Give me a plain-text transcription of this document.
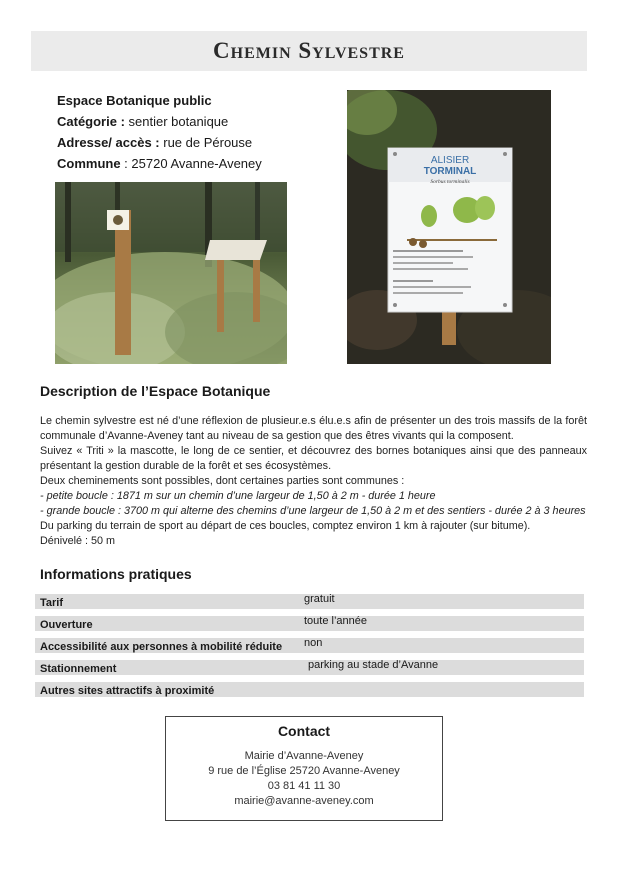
Chemin Sylvestre
Espace Botanique public
Catégorie : sentier botanique
Adresse/ accès : rue de Pérouse
Commune : 25720 Avanne-Aveney	ALISIER
TORMINAL
Sorbus torminalis
Description de l’Espace Botanique

Le chemin sylvestre est né d’une réflexion de plusieur.e.s élu.e.s afin de présenter un des trois massifs de la forêt communale d’Avanne-Aveney tant au niveau de sa gestion que des êtres vivants qui la composent.

Suivez « Triti » la mascotte, le long de ce sentier, et découvrez des bornes botaniques ainsi que des panneaux présentant la gestion durable de la forêt et ses écosystèmes.

Deux cheminements sont possibles, dont certaines parties sont communes :

- petite boucle : 1871 m sur un chemin d’une largeur de 1,50 à 2 m - durée 1 heure

- grande boucle : 3700 m qui alterne des chemins d’une largeur de 1,50 à 2 m et des sentiers - durée 2 à 3 heures

Du parking du terrain de sport au départ de ces boucles, comptez environ 1 km à rajouter (sur bitume).

Dénivelé : 50 m

Informations pratiques
Tarif	gratuit
Ouverture	toute l’année
Accessibilité aux personnes à mobilité réduite non
Stationnement	parking au stade d’Avanne
Autres sites attractifs à proximité
Contact
Mairie d’Avanne-Aveney
9 rue de l’Église 25720 Avanne-Aveney
03 81 41 11 30
mairie@avanne-aveney.com
